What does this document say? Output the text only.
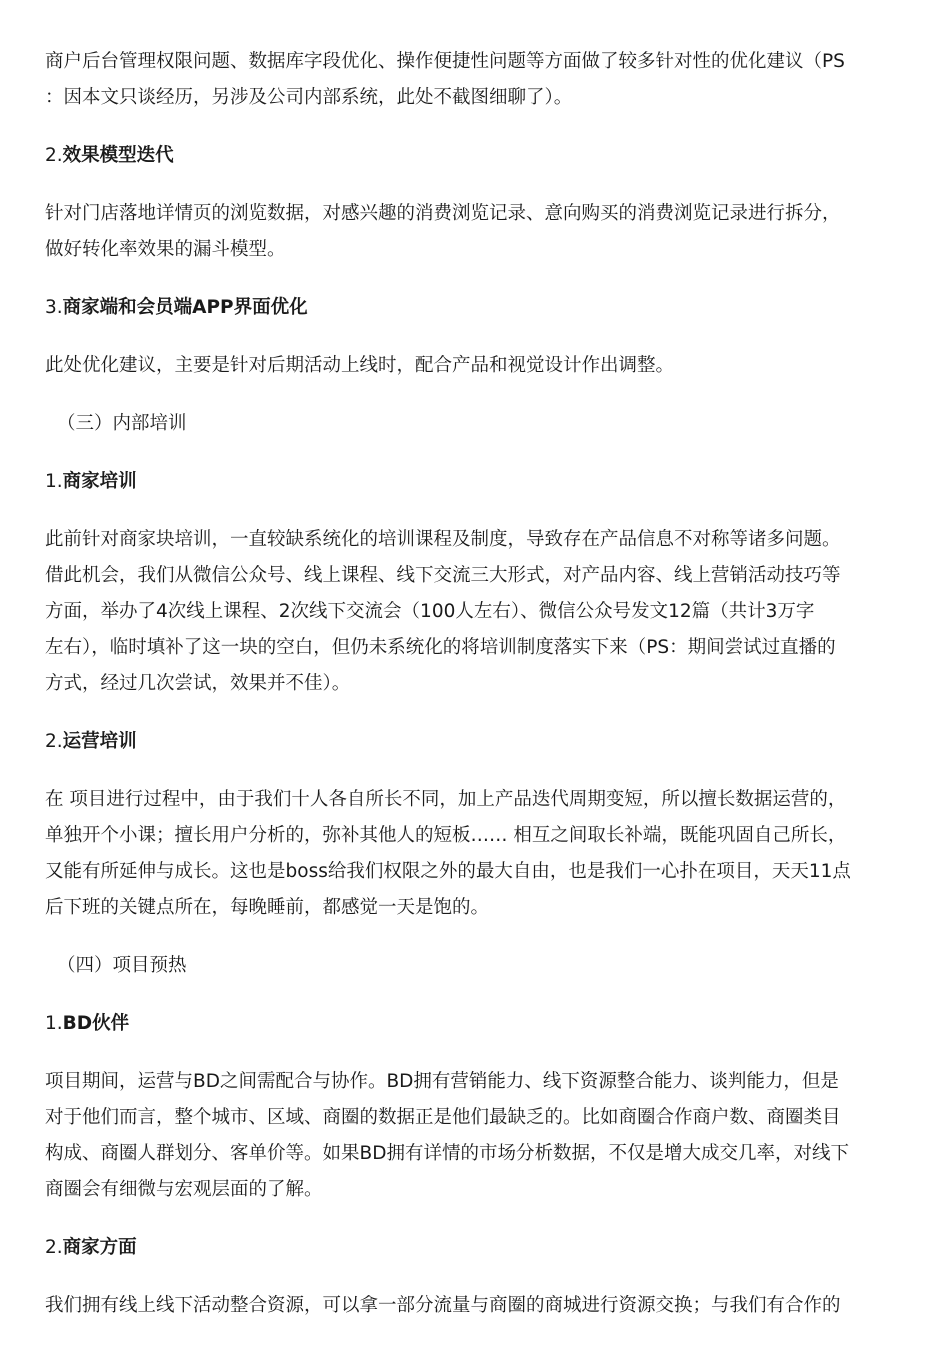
商户后台管理权限问题、数据库字段优化、操作便捷性问题等方面做了较多针对性的优化建议（PS
：因本文只谈经历，另涉及公司内部系统，此处不截图细聊了）。

2.效果模型迭代

针对门店落地详情页的浏览数据，对感兴趣的消费浏览记录、意向购买的消费浏览记录进行拆分，
做好转化率效果的漏斗模型。

3.商家端和会员端APP界面优化

此处优化建议，主要是针对后期活动上线时，配合产品和视觉设计作出调整。

（三）内部培训

1.商家培训

此前针对商家块培训，一直较缺系统化的培训课程及制度，导致存在产品信息不对称等诸多问题。
借此机会，我们从微信公众号、线上课程、线下交流三大形式，对产品内容、线上营销活动技巧等
方面，举办了4次线上课程、2次线下交流会（100人左右）、微信公众号发文12篇（共计3万字
左右），临时填补了这一块的空白，但仍未系统化的将培训制度落实下来（PS：期间尝试过直播的
方式，经过几次尝试，效果并不佳）。

2.运营培训

在 项目进行过程中，由于我们十人各自所长不同，加上产品迭代周期变短，所以擅长数据运营的，
单独开个小课；擅长用户分析的，弥补其他人的短板…… 相互之间取长补端，既能巩固自己所长，
又能有所延伸与成长。这也是boss给我们权限之外的最大自由，也是我们一心扑在项目，天天11点
后下班的关键点所在，每晚睡前，都感觉一天是饱的。

（四）项目预热

1.BD伙伴

项目期间，运营与BD之间需配合与协作。BD拥有营销能力、线下资源整合能力、谈判能力，但是
对于他们而言，整个城市、区域、商圈的数据正是他们最缺乏的。比如商圈合作商户数、商圈类目
构成、商圈人群划分、客单价等。如果BD拥有详情的市场分析数据，不仅是增大成交几率，对线下
商圈会有细微与宏观层面的了解。

2.商家方面

我们拥有线上线下活动整合资源，可以拿一部分流量与商圈的商城进行资源交换；与我们有合作的
